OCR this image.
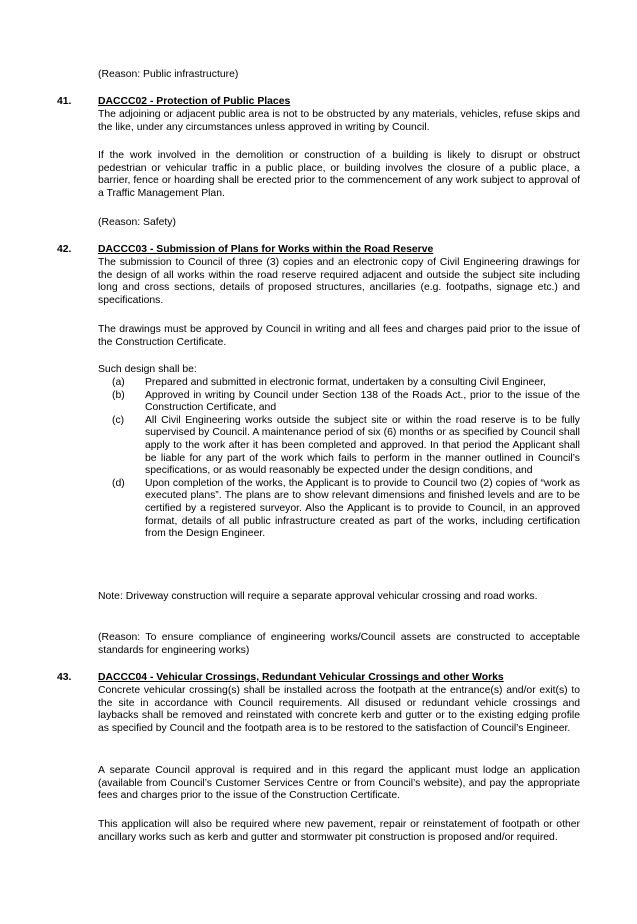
(Reason: Public infrastructure)
41.	DACCC02 - Protection of Public Places
The adjoining or adjacent public area is not to be obstructed by any materials, vehicles, refuse skips and the like, under any circumstances unless approved in writing by Council.
If the work involved in the demolition or construction of a building is likely to disrupt or obstruct pedestrian or vehicular traffic in a public place, or building involves the closure of a public place, a barrier, fence or hoarding shall be erected prior to the commencement of any work subject to approval of a Traffic Management Plan.
(Reason: Safety)
42.	DACCC03 - Submission of Plans for Works within the Road Reserve
The submission to Council of three (3) copies and an electronic copy of Civil Engineering drawings for the design of all works within the road reserve required adjacent and outside the subject site including long and cross sections, details of proposed structures, ancillaries (e.g. footpaths, signage etc.) and specifications.
The drawings must be approved by Council in writing and all fees and charges paid prior to the issue of the Construction Certificate.
Such design shall be:
(a) Prepared and submitted in electronic format, undertaken by a consulting Civil Engineer,
(b) Approved in writing by Council under Section 138 of the Roads Act., prior to the issue of the Construction Certificate, and
(c) All Civil Engineering works outside the subject site or within the road reserve is to be fully supervised by Council. A maintenance period of six (6) months or as specified by Council shall apply to the work after it has been completed and approved. In that period the Applicant shall be liable for any part of the work which fails to perform in the manner outlined in Council’s specifications, or as would reasonably be expected under the design conditions, and
(d) Upon completion of the works, the Applicant is to provide to Council two (2) copies of “work as executed plans”. The plans are to show relevant dimensions and finished levels and are to be certified by a registered surveyor. Also the Applicant is to provide to Council, in an approved format, details of all public infrastructure created as part of the works, including certification from the Design Engineer.
Note: Driveway construction will require a separate approval vehicular crossing and road works.
(Reason: To ensure compliance of engineering works/Council assets are constructed to acceptable standards for engineering works)
43.	DACCC04 - Vehicular Crossings, Redundant Vehicular Crossings and other Works
Concrete vehicular crossing(s) shall be installed across the footpath at the entrance(s) and/or exit(s) to the site in accordance with Council requirements. All disused or redundant vehicle crossings and laybacks shall be removed and reinstated with concrete kerb and gutter or to the existing edging profile as specified by Council and the footpath area is to be restored to the satisfaction of Council’s Engineer.
A separate Council approval is required and in this regard the applicant must lodge an application (available from Council’s Customer Services Centre or from Council’s website), and pay the appropriate fees and charges prior to the issue of the Construction Certificate.
This application will also be required where new pavement, repair or reinstatement of footpath or other ancillary works such as kerb and gutter and stormwater pit construction is proposed and/or required.
